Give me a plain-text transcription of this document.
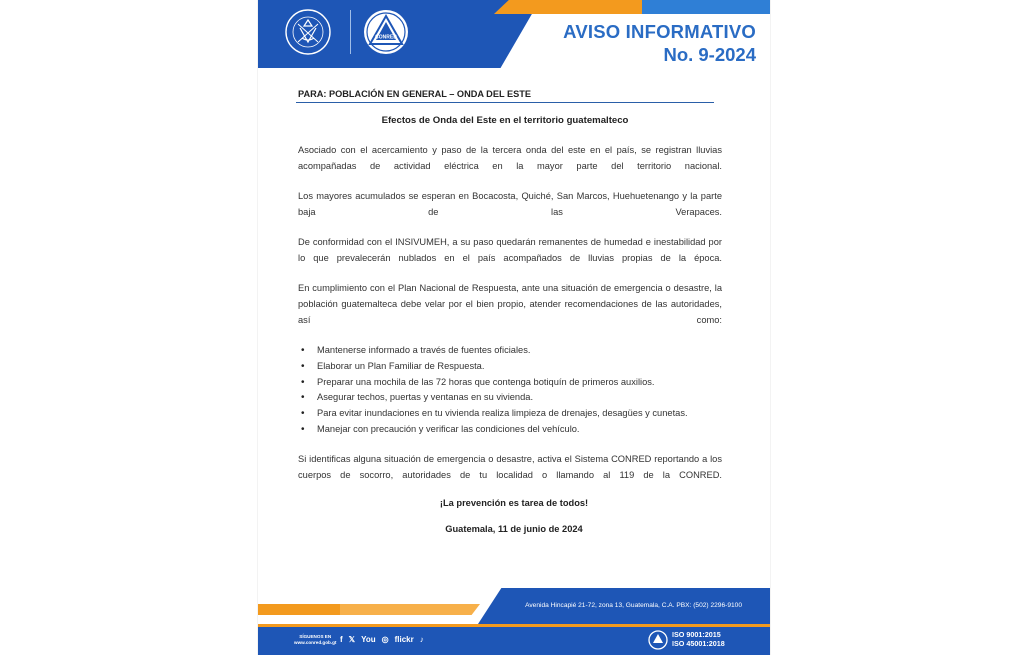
CONRED	AVISO INFORMATIVO
No. 9-2024
PARA: POBLACIÓN EN GENERAL – ONDA DEL ESTE
Efectos de Onda del Este en el territorio guatemalteco
Asociado con el acercamiento y paso de la tercera onda del este en el país, se registran lluvias acompañadas de actividad eléctrica en la mayor parte del territorio nacional.
Los mayores acumulados se esperan en Bocacosta, Quiché, San Marcos, Huehuetenango y la parte baja de las Verapaces.
De conformidad con el INSIVUMEH, a su paso quedarán remanentes de humedad e inestabilidad por lo que prevalecerán nublados en el país acompañados de lluvias propias de la época.
En cumplimiento con el Plan Nacional de Respuesta, ante una situación de emergencia o desastre, la población guatemalteca debe velar por el bien propio, atender recomendaciones de las autoridades, así como:
• Mantenerse informado a través de fuentes oficiales.
• Elaborar un Plan Familiar de Respuesta.
• Preparar una mochila de las 72 horas que contenga botiquín de primeros auxilios.
• Asegurar techos, puertas y ventanas en su vivienda.
• Para evitar inundaciones en tu vivienda realiza limpieza de drenajes, desagües y cunetas.
• Manejar con precaución y verificar las condiciones del vehículo.
Si identificas alguna situación de emergencia o desastre, activa el Sistema CONRED reportando a los cuerpos de socorro, autoridades de tu localidad o llamando al 119 de la CONRED.
¡La prevención es tarea de todos!
Guatemala, 11 de junio de 2024
Avenida Hincapié 21-72, zona 13, Guatemala, C.A. PBX: (502) 2296-9100
SÍGUENOS EN
www.conred.gob.gt f 𝕏 You ◎ flickr ♪
ISO 9001:2015
ISO 45001:2018
